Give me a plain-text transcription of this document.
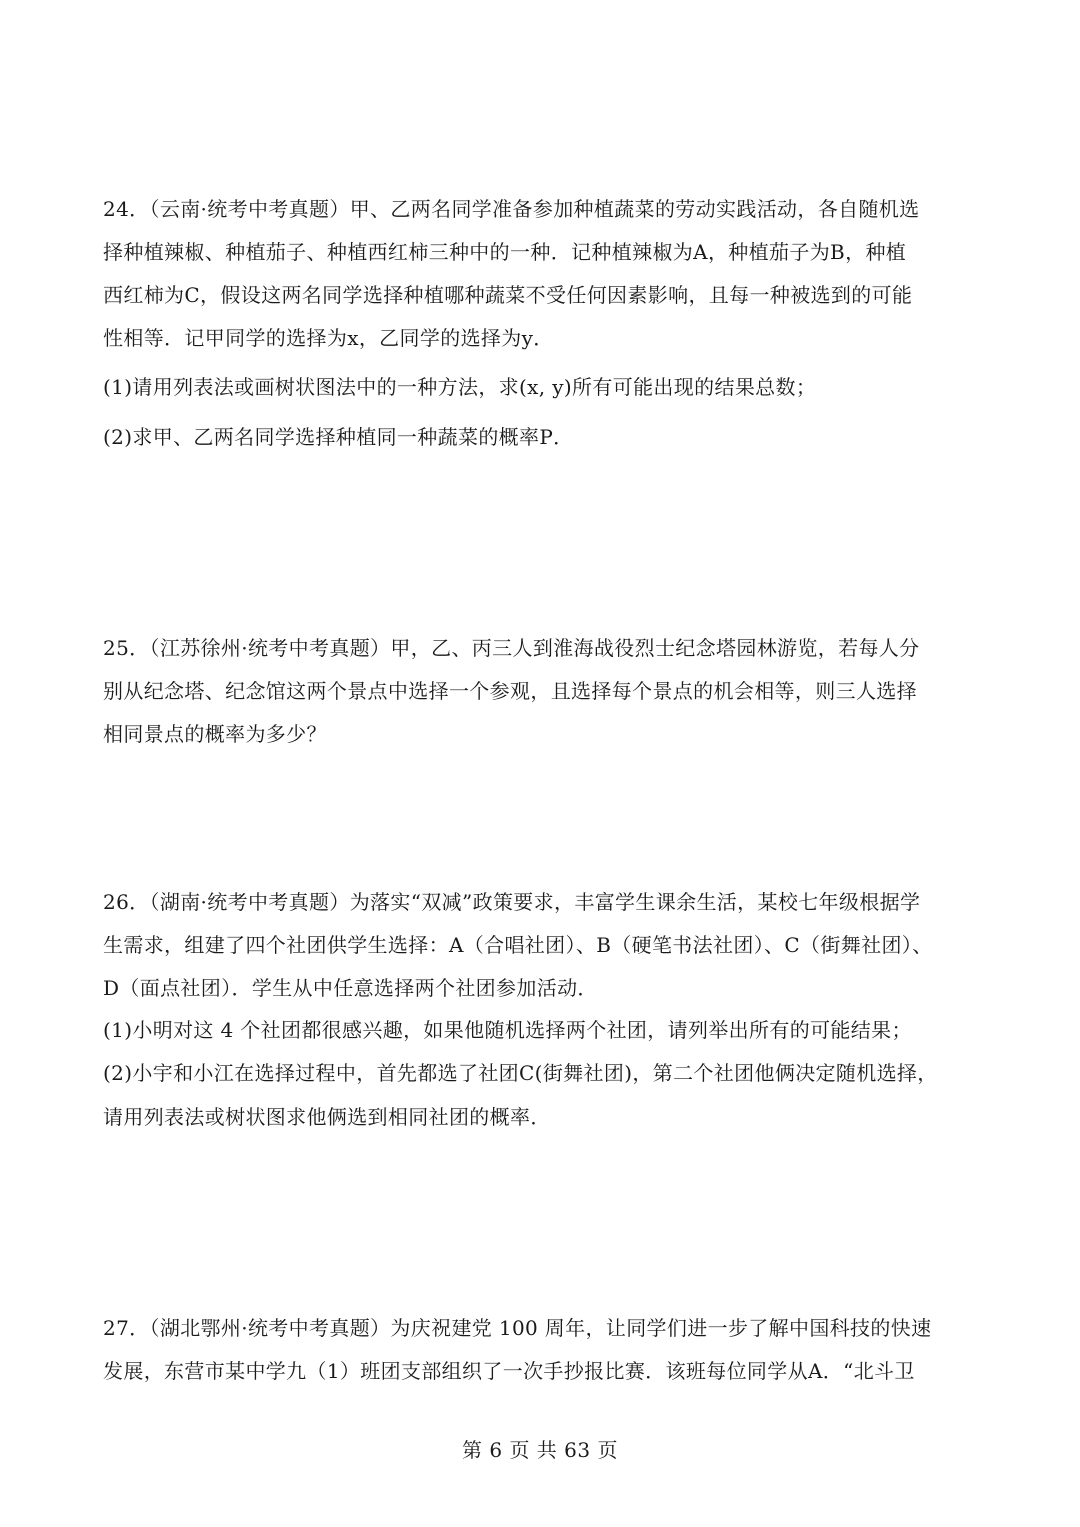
24．（云南·统考中考真题）甲、乙两名同学准备参加种植蔬菜的劳动实践活动，各自随机选
择种植辣椒、种植茄子、种植西红柿三种中的一种．记种植辣椒为A，种植茄子为B，种植
西红柿为C，假设这两名同学选择种植哪种蔬菜不受任何因素影响，且每一种被选到的可能
性相等．记甲同学的选择为x，乙同学的选择为y．
(1)请用列表法或画树状图法中的一种方法，求(x, y)所有可能出现的结果总数；
(2)求甲、乙两名同学选择种植同一种蔬菜的概率P．
25．（江苏徐州·统考中考真题）甲，乙、丙三人到淮海战役烈士纪念塔园林游览，若每人分
别从纪念塔、纪念馆这两个景点中选择一个参观，且选择每个景点的机会相等，则三人选择
相同景点的概率为多少？
26．（湖南·统考中考真题）为落实“双减”政策要求，丰富学生课余生活，某校七年级根据学
生需求，组建了四个社团供学生选择：A（合唱社团）、B（硬笔书法社团）、C（街舞社团）、
D（面点社团）．学生从中任意选择两个社团参加活动．
(1)小明对这 4 个社团都很感兴趣，如果他随机选择两个社团，请列举出所有的可能结果；
(2)小宇和小江在选择过程中，首先都选了社团C(街舞社团)，第二个社团他俩决定随机选择，
请用列表法或树状图求他俩选到相同社团的概率．
27．（湖北鄂州·统考中考真题）为庆祝建党 100 周年，让同学们进一步了解中国科技的快速
发展，东营市某中学九（1）班团支部组织了一次手抄报比赛．该班每位同学从A．“北斗卫
第 6 页 共 63 页
